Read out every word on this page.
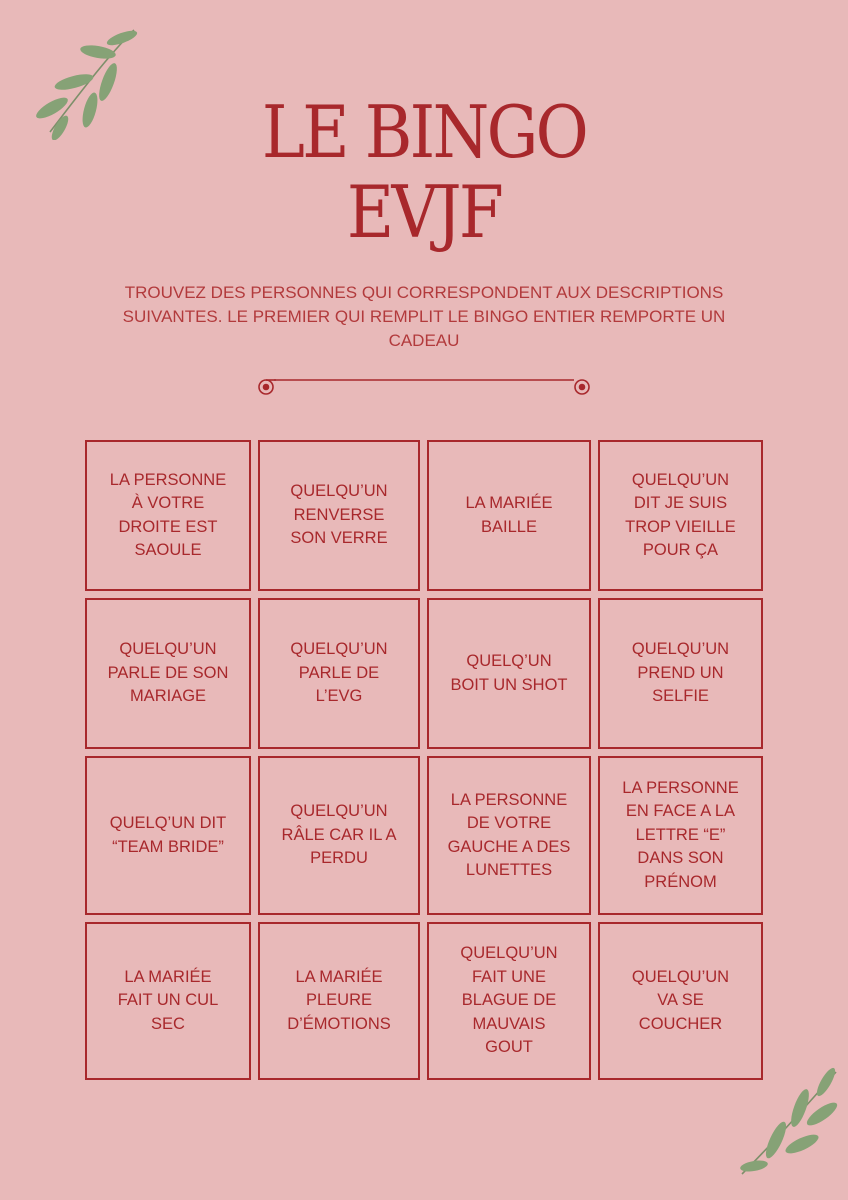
LE BINGO
EVJF

TROUVEZ DES PERSONNES QUI CORRESPONDENT AUX DESCRIPTIONS SUIVANTES. LE PREMIER QUI REMPLIT LE BINGO ENTIER REMPORTE UN CADEAU

LA PERSONNE
À VOTRE
DROITE EST
SAOULE
QUELQU’UN
RENVERSE
SON VERRE
LA MARIÉE
BAILLE
QUELQU’UN
DIT JE SUIS
TROP VIEILLE
POUR ÇA
QUELQU’UN
PARLE DE SON
MARIAGE
QUELQU’UN
PARLE DE
L’EVG
QUELQ’UN
BOIT UN SHOT
QUELQU’UN
PREND UN
SELFIE
QUELQ’UN DIT
“TEAM BRIDE”
QUELQU’UN
RÂLE CAR IL A
PERDU
LA PERSONNE
DE VOTRE
GAUCHE A DES
LUNETTES
LA PERSONNE
EN FACE A LA
LETTRE “E”
DANS SON
PRÉNOM
LA MARIÉE
FAIT UN CUL
SEC
LA MARIÉE
PLEURE
D’ÉMOTIONS
QUELQU’UN
FAIT UNE
BLAGUE DE
MAUVAIS
GOUT
QUELQU’UN
VA SE
COUCHER
